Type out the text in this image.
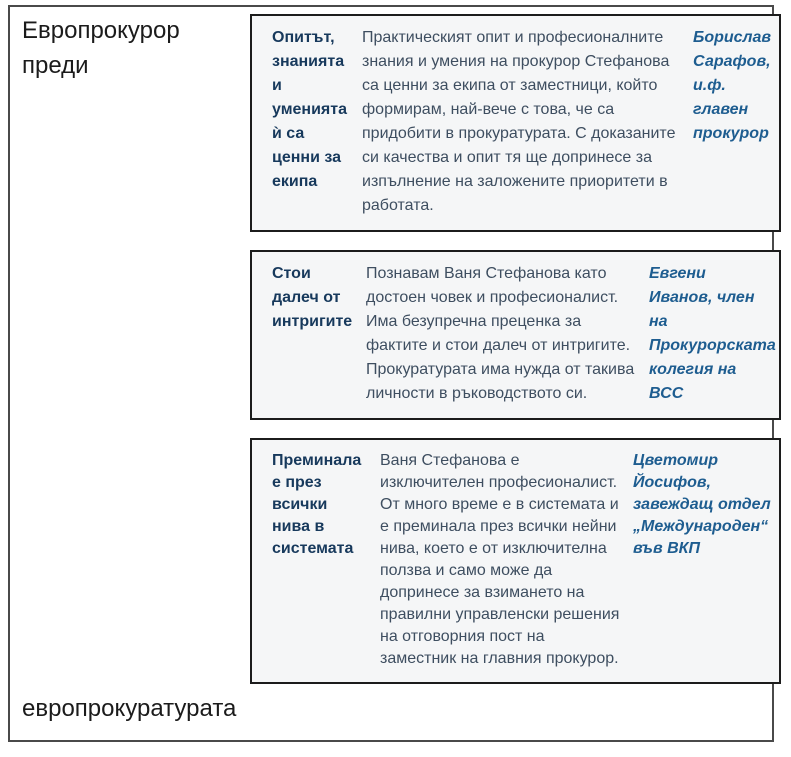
Европрокурор преди
Опитът, знанията и уменията ѝ са ценни за екипа
Практическият опит и професионалните знания и умения на прокурор Стефанова са ценни за екипа от заместници, който формирам, най-вече с това, че са придобити в прокуратурата. С доказаните си качества и опит тя ще допринесе за изпълнение на заложените приоритети в работата.
Борислав Сарафов, и.ф. главен прокурор
Стои далеч от интригите
Познавам Ваня Стефанова като достоен човек и професионалист. Има безупречна преценка за фактите и стои далеч от интригите. Прокуратурата има нужда от такива личности в ръководството си.
Евгени Иванов, член на Прокурорската колегия на ВСС
Преминала е през всички нива в системата
Ваня Стефанова е изключителен професионалист. От много време е в системата и е преминала през всички нейни нива, което е от изключителна ползва и само може да допринесе за взимането на правилни управленски решения на отговорния пост на заместник на главния прокурор.
Цветомир Йосифов, завеждащ отдел „Международен“ във ВКП
европрокуратурата
